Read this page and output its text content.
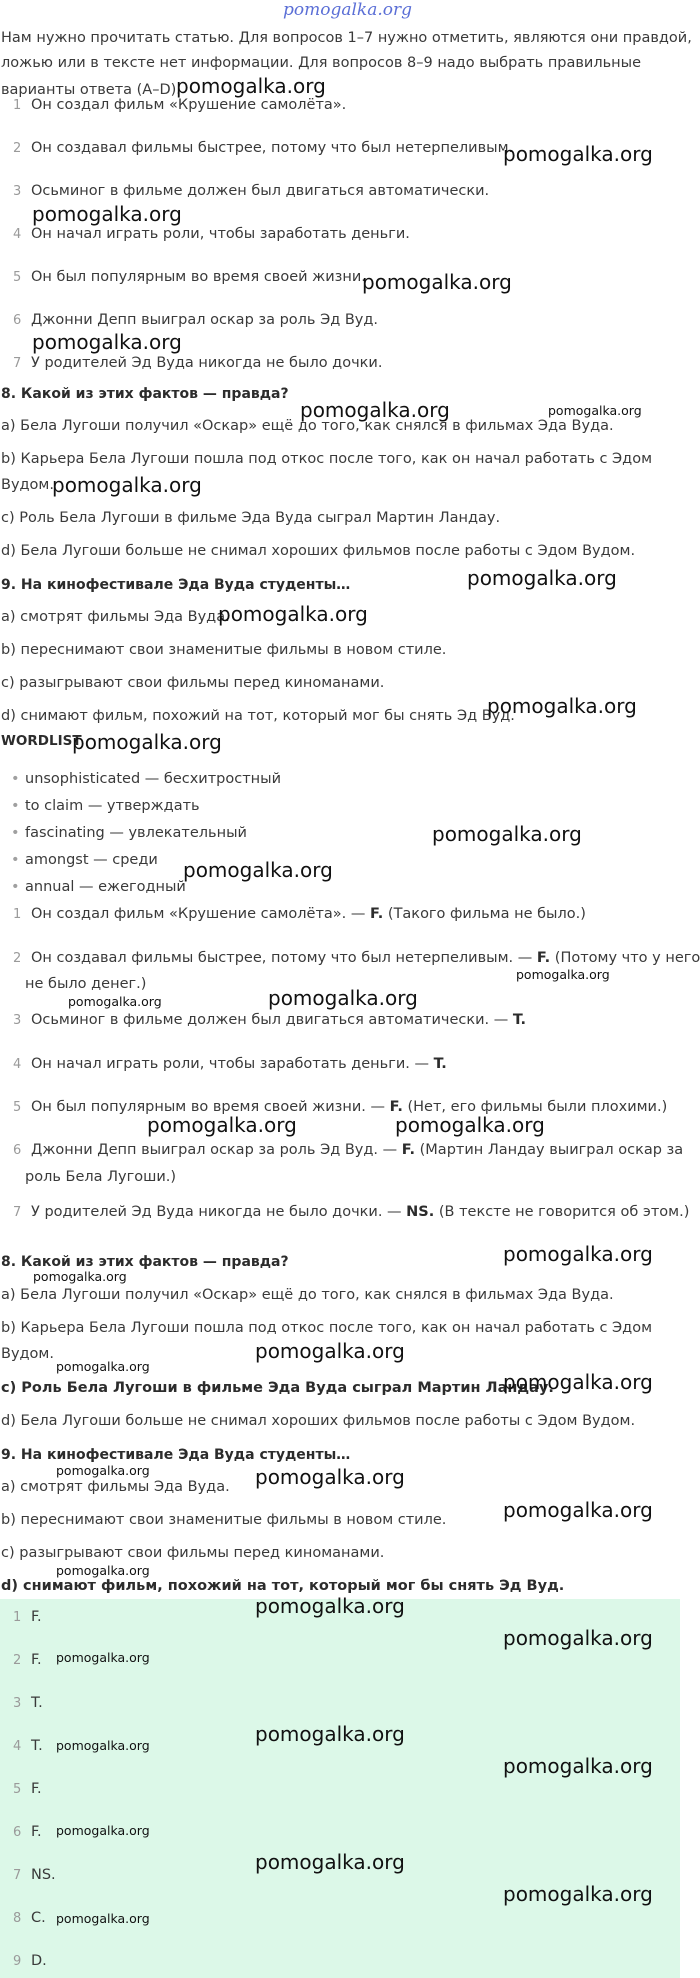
pomogalka.org
Нам нужно прочитать статью. Для вопросов 1–7 нужно отметить, являются они правдой,
ложью или в тексте нет информации. Для вопросов 8–9 надо выбрать правильные
варианты ответа (A–D).
1 Он создал фильм «Крушение самолёта».
2 Он создавал фильмы быстрее, потому что был нетерпеливым.
3 Осьминог в фильме должен был двигаться автоматически.
4 Он начал играть роли, чтобы заработать деньги.
5 Он был популярным во время своей жизни.
6 Джонни Депп выиграл оскар за роль Эд Вуд.
7 У родителей Эд Вуда никогда не было дочки.
8. Какой из этих фактов — правда?
a) Бела Лугоши получил «Оскар» ещё до того, как снялся в фильмах Эда Вуда.
b) Карьера Бела Лугоши пошла под откос после того, как он начал работать с Эдом
Вудом.
c) Роль Бела Лугоши в фильме Эда Вуда сыграл Мартин Ландау.
d) Бела Лугоши больше не снимал хороших фильмов после работы с Эдом Вудом.
9. На кинофестивале Эда Вуда студенты…
a) смотрят фильмы Эда Вуда.
b) переснимают свои знаменитые фильмы в новом стиле.
c) разыгрывают свои фильмы перед киноманами.
d) снимают фильм, похожий на тот, который мог бы снять Эд Вуд.
WORDLIST
• unsophisticated — бесхитростный
• to claim — утверждать
• fascinating — увлекательный
• amongst — среди
• annual — ежегодный
1 Он создал фильм «Крушение самолёта». — F. (Такого фильма не было.)
2 Он создавал фильмы быстрее, потому что был нетерпеливым. — F. (Потому что у него
не было денег.)
3 Осьминог в фильме должен был двигаться автоматически. — T.
4 Он начал играть роли, чтобы заработать деньги. — T.
5 Он был популярным во время своей жизни. — F. (Нет, его фильмы были плохими.)
6 Джонни Депп выиграл оскар за роль Эд Вуд. — F. (Мартин Ландау выиграл оскар за
роль Бела Лугоши.)
7 У родителей Эд Вуда никогда не было дочки. — NS. (В тексте не говорится об этом.)
8. Какой из этих фактов — правда?
a) Бела Лугоши получил «Оскар» ещё до того, как снялся в фильмах Эда Вуда.
b) Карьера Бела Лугоши пошла под откос после того, как он начал работать с Эдом
Вудом.
c) Роль Бела Лугоши в фильме Эда Вуда сыграл Мартин Ландау.
d) Бела Лугоши больше не снимал хороших фильмов после работы с Эдом Вудом.
9. На кинофестивале Эда Вуда студенты…
a) смотрят фильмы Эда Вуда.
b) переснимают свои знаменитые фильмы в новом стиле.
c) разыгрывают свои фильмы перед киноманами.
d) снимают фильм, похожий на тот, который мог бы снять Эд Вуд.
1 F.
2 F.
3 T.
4 T.
5 F.
6 F.
7 NS.
8 C.
9 D.
pomogalka.org
pomogalka.org
pomogalka.org
pomogalka.org
pomogalka.org
pomogalka.org	pomogalka.org
pomogalka.org
pomogalka.org
pomogalka.org
pomogalka.org
pomogalka.org
pomogalka.org
pomogalka.org
pomogalka.org
pomogalka.org	pomogalka.org
pomogalka.org	pomogalka.org
pomogalka.org
pomogalka.org
pomogalka.org
pomogalka.org
pomogalka.org
pomogalka.org	pomogalka.org
pomogalka.org
pomogalka.org
pomogalka.org
pomogalka.org
pomogalka.org
pomogalka.org
pomogalka.org
pomogalka.org
pomogalka.org
pomogalka.org
pomogalka.org
pomogalka.org
